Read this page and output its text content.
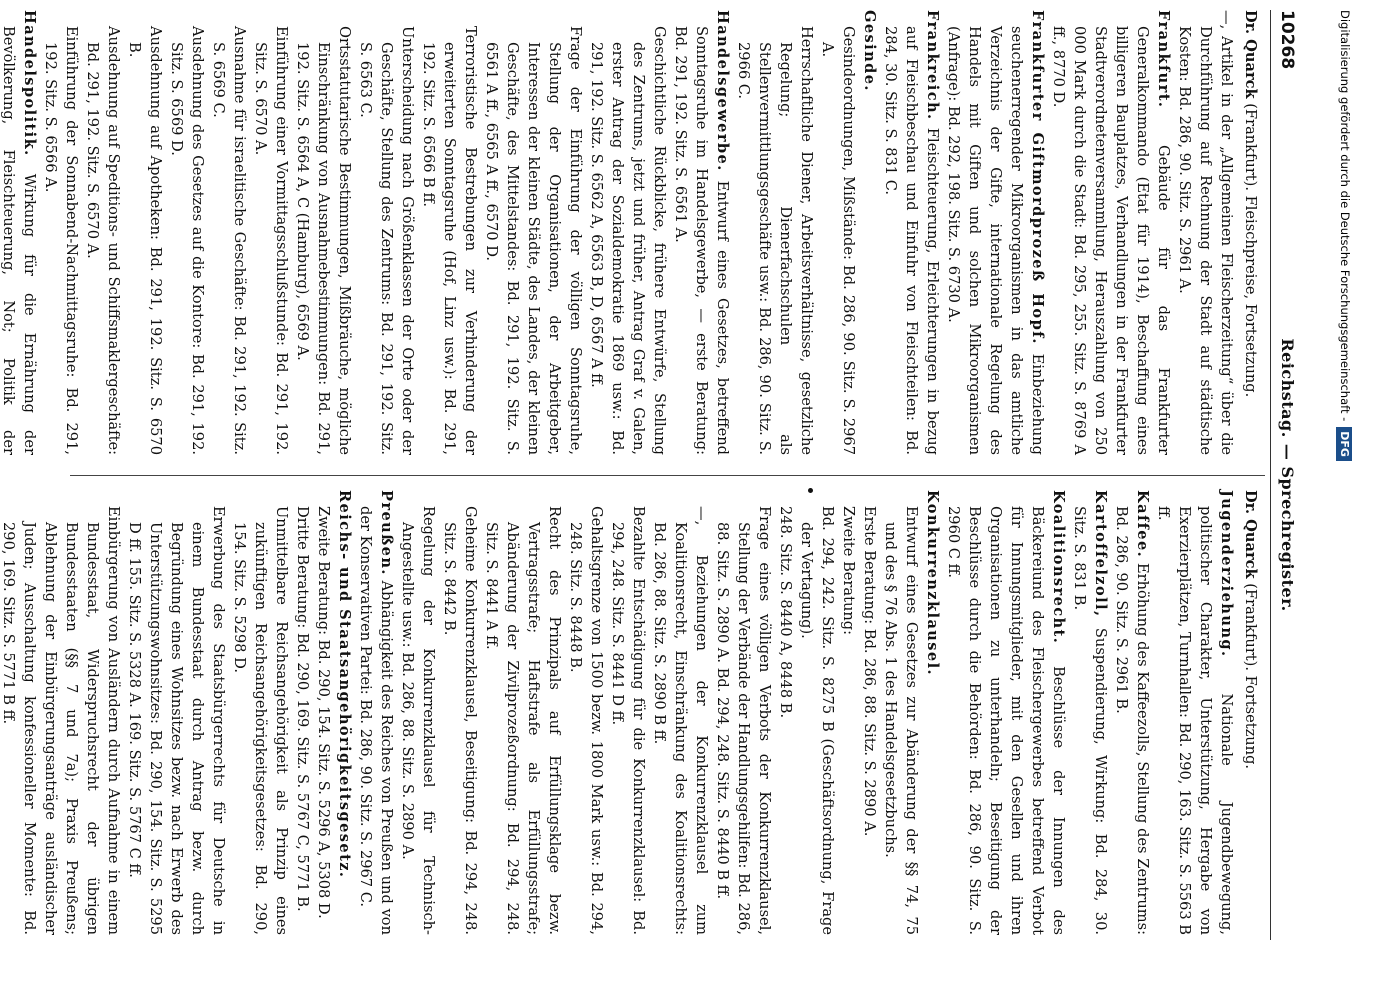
10268
Reichstag. — Sprechregister.

Dr. Quarck (Frankfurt). Fleischpreise, Fortsetzung.

—, Artikel in der „Allgemeinen Fleischerzeitung“ über die Durchführung auf Rechnung der Stadt auf städtische Kosten: Bd. 286, 90. Sitz. S. 2961 A.

Frankfurt. Gebäude für das Frankfurter Generalkommando (Etat für 1914), Beschaffung eines billigeren Bauplatzes, Verhandlungen in der Frankfurter Stadtverordnetenversammlung, Herauszahlung von 250 000 Mark durch die Stadt: Bd. 295, 255. Sitz. S. 8769 A ff., 8770 D.

Frankfurter Giftmordprozeß Hopf. Einbeziehung seuchenerregender Mikroorganismen in das amtliche Verzeichnis der Gifte, internationale Regelung des Handels mit Giften und solchen Mikroorganismen (Anfrage): Bd. 292, 198. Sitz. S. 6730 A.

Frankreich. Fleischteuerung, Erleichterungen in bezug auf Fleischbeschau und Einfuhr von Fleischteilen: Bd. 284, 30. Sitz. S. 831 C.

Gesinde.

Gesindeordnungen, Mißstände: Bd. 286, 90. Sitz. S. 2967 A.

Herrschaftliche Diener, Arbeitsverhältnisse, gesetzliche Regelung; Dienerfachschulen als Stellenvermittlungsgeschäfte usw.: Bd. 286, 90. Sitz. S. 2966 C.

Handelsgewerbe. Entwurf eines Gesetzes, betreffend Sonntagsruhe im Handelsgewerbe, — erste Beratung: Bd. 291, 192. Sitz. S. 6561 A.

Geschichtliche Rückblicke, frühere Entwürfe, Stellung des Zentrums, jetzt und früher, Antrag Graf v. Galen, erster Antrag der Sozialdemokratie 1869 usw.: Bd. 291, 192. Sitz. S. 6562 A, 6563 B, D, 6567 A ff.

Frage der Einführung der völligen Sonntagsruhe, Stellung der Organisationen, der Arbeitgeber, Interessen der kleinen Städte, des Landes, der kleinen Geschäfte, des Mittelstandes: Bd. 291, 192. Sitz. S. 6561 A ff., 6565 A ff., 6570 D.

Terroristische Bestrebungen zur Verhinderung der erweiterten Sonntagsruhe (Hof, Linz usw.): Bd. 291, 192. Sitz. S. 6566 B ff.

Unterscheidung nach Größenklassen der Orte oder der Geschäfte, Stellung des Zentrums: Bd. 291, 192. Sitz. S. 6563 C.

Ortsstatutarische Bestimmungen, Mißbräuche, mögliche Einschränkung von Ausnahmebestimmungen: Bd. 291, 192. Sitz. S. 6564 A, C (Hamburg), 6569 A.

Einführung einer Vormittagsschlußstunde: Bd. 291, 192. Sitz. S. 6570 A.

Ausnahme für israelitische Geschäfte: Bd. 291, 192. Sitz. S. 6569 C.

Ausdehnung des Gesetzes auf die Kontore: Bd. 291, 192. Sitz. S. 6569 D.

Ausdehnung auf Apotheken: Bd. 291, 192. Sitz. S. 6570 B.

Ausdehnung auf Speditions- und Schiffsmaklergeschäfte: Bd. 291, 192. Sitz. S. 6570 A.

Einführung der Sonnabend-Nachmittagsruhe: Bd. 291, 192. Sitz. S. 6566 A.

Handelspolitik. Wirkung für die Ernährung der Bevölkerung, Fleischteuerung, Not; Politik der

Dr. Quarck (Frankfurt). Fortsetzung.

Jugenderziehung. Nationale Jugendbewegung, politischer Charakter, Unterstützung, Hergabe von Exerzierplätzen, Turnhallen: Bd. 290, 163. Sitz. S. 5563 B ff.

Kaffee. Erhöhung des Kaffeezolls, Stellung des Zentrums: Bd. 286, 90. Sitz. S. 2961 B.

Kartoffelzoll, Suspendierung, Wirkung: Bd. 284, 30. Sitz. S. 831 B.

Koalitionsrecht. Beschlüsse der Innungen des Bäckereiund des Fleischergewerbes betreffend Verbot für Innungsmitglieder, mit den Gesellen und ihren Organisationen zu unterhandeln; Beseitigung der Beschlüsse durch die Behörden: Bd. 286, 90. Sitz. S. 2960 C ff.

Konkurrenzklausel.

Entwurf eines Gesetzes zur Abänderung der §§ 74, 75 und des § 76 Abs. 1 des Handelsgesetzbuchs.

Erste Beratung: Bd. 286, 88. Sitz. S. 2890 A.

Zweite Beratung:

Bd. 294, 242. Sitz. S. 8275 B (Geschäftsordnung, Frage der Vertagung).

248. Sitz. S. 8440 A, 8448 B.

Frage eines völligen Verbots der Konkurrenzklausel, Stellung der Verbände der Handlungsgehilfen: Bd. 286, 88. Sitz. S. 2890 A. Bd. 294, 248. Sitz. S. 8440 B ff.

—, Beziehungen der Konkurrenzklausel zum Koalitionsrecht, Einschränkung des Koalitionsrechts: Bd. 286, 88. Sitz. S. 2890 B ff.

Bezahlte Entschädigung für die Konkurrenzklausel: Bd. 294, 248. Sitz. S. 8441 D ff.

Gehaltsgrenze von 1500 bezw. 1800 Mark usw.: Bd. 294, 248. Sitz. S. 8448 B.

Recht des Prinzipals auf Erfüllungsklage bezw. Vertragsstrafe; Haftstrafe als Erfüllungsstrafe; Abänderung der Zivilprozeßordnung: Bd. 294, 248. Sitz. S. 8441 A ff.

Geheime Konkurrenzklausel, Beseitigung: Bd. 294, 248. Sitz. S. 8442 B.

Regelung der Konkurrenzklausel für Technisch-Angestellte usw.: Bd. 286, 88. Sitz. S. 2890 A.

Preußen. Abhängigkeit des Reiches von Preußen und von der Konservativen Partei: Bd. 286, 90. Sitz. S. 2967 C.

Reichs- und Staatsangehörigkeitsgesetz.

Zweite Beratung: Bd. 290, 154. Sitz. S. 5296 A, 5308 D.

Dritte Beratung: Bd. 290, 169. Sitz. S. 5767 C, 5771 B.

Unmittelbare Reichsangehörigkeit als Prinzip eines zukünftigen Reichsangehörigkeitsgesetzes: Bd. 290, 154. Sitz. S. 5298 D.

Erwerbung des Staatsbürgerrechts für Deutsche in einem Bundesstaat durch Antrag bezw. durch Begründung eines Wohnsitzes bezw. nach Erwerb des Unterstützungswohnsitzes: Bd. 290, 154. Sitz. S. 5295 D ff. 155. Sitz. S. 5328 A. 169. Sitz. S. 5767 C ff.

Einbürgerung von Ausländern durch Aufnahme in einem Bundesstaat, Widerspruchsrecht der übrigen Bundesstaaten (§§ 7 und 7a); Praxis Preußens; Ablehnung der Einbürgerungsanträge ausländischer Juden; Ausschaltung konfessioneller Momente: Bd. 290, 169. Sitz. S. 5771 B ff.

Digitalisierung gefördert durch die Deutsche Forschungsgemeinschaft -DFG
